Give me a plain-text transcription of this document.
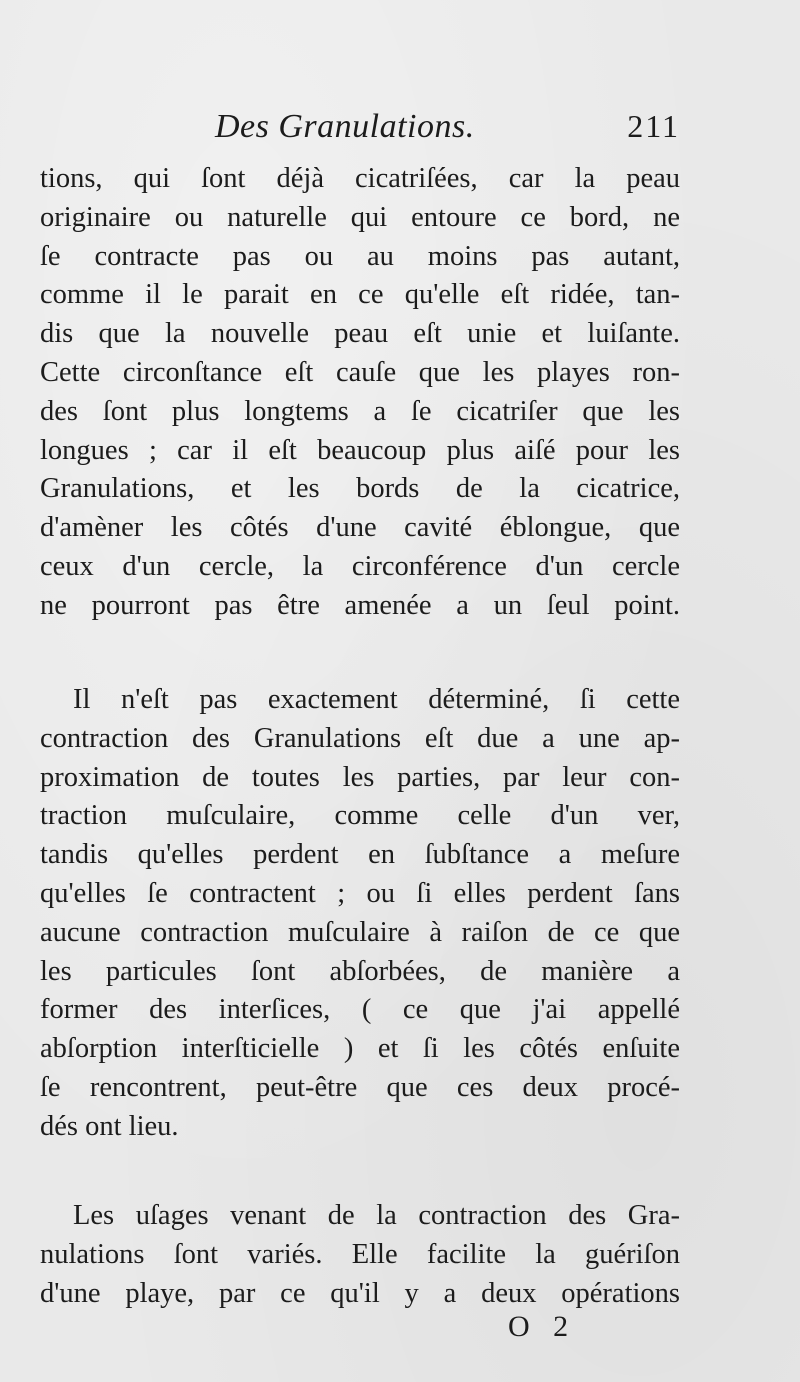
Des Granulations.	211
tions, qui ſont déjà cicatriſées, car la peau
originaire ou naturelle qui entoure ce bord, ne
ſe contracte pas ou au moins pas autant,
comme il le parait en ce qu'elle eſt ridée, tan-
dis que la nouvelle peau eſt unie et luiſante.
Cette circonſtance eſt cauſe que les playes ron-
des ſont plus longtems a ſe cicatriſer que les
longues ; car il eſt beaucoup plus aiſé pour les
Granulations, et les bords de la cicatrice,
d'amèner les côtés d'une cavité éblongue, que
ceux d'un cercle, la circonférence d'un cercle
ne pourront pas être amenée a un ſeul point.
Il n'eſt pas exactement déterminé, ſi cette
contraction des Granulations eſt due a une ap-
proximation de toutes les parties, par leur con-
traction muſculaire, comme celle d'un ver,
tandis qu'elles perdent en ſubſtance a meſure
qu'elles ſe contractent ; ou ſi elles perdent ſans
aucune contraction muſculaire à raiſon de ce que
les particules ſont abſorbées, de manière a
former des interſices, ( ce que j'ai appellé
abſorption interſticielle ) et ſi les côtés enſuite
ſe rencontrent, peut-être que ces deux procé-
dés ont lieu.
Les uſages venant de la contraction des Gra-
nulations ſont variés. Elle facilite la guériſon
d'une playe, par ce qu'il y a deux opérations
O 2
